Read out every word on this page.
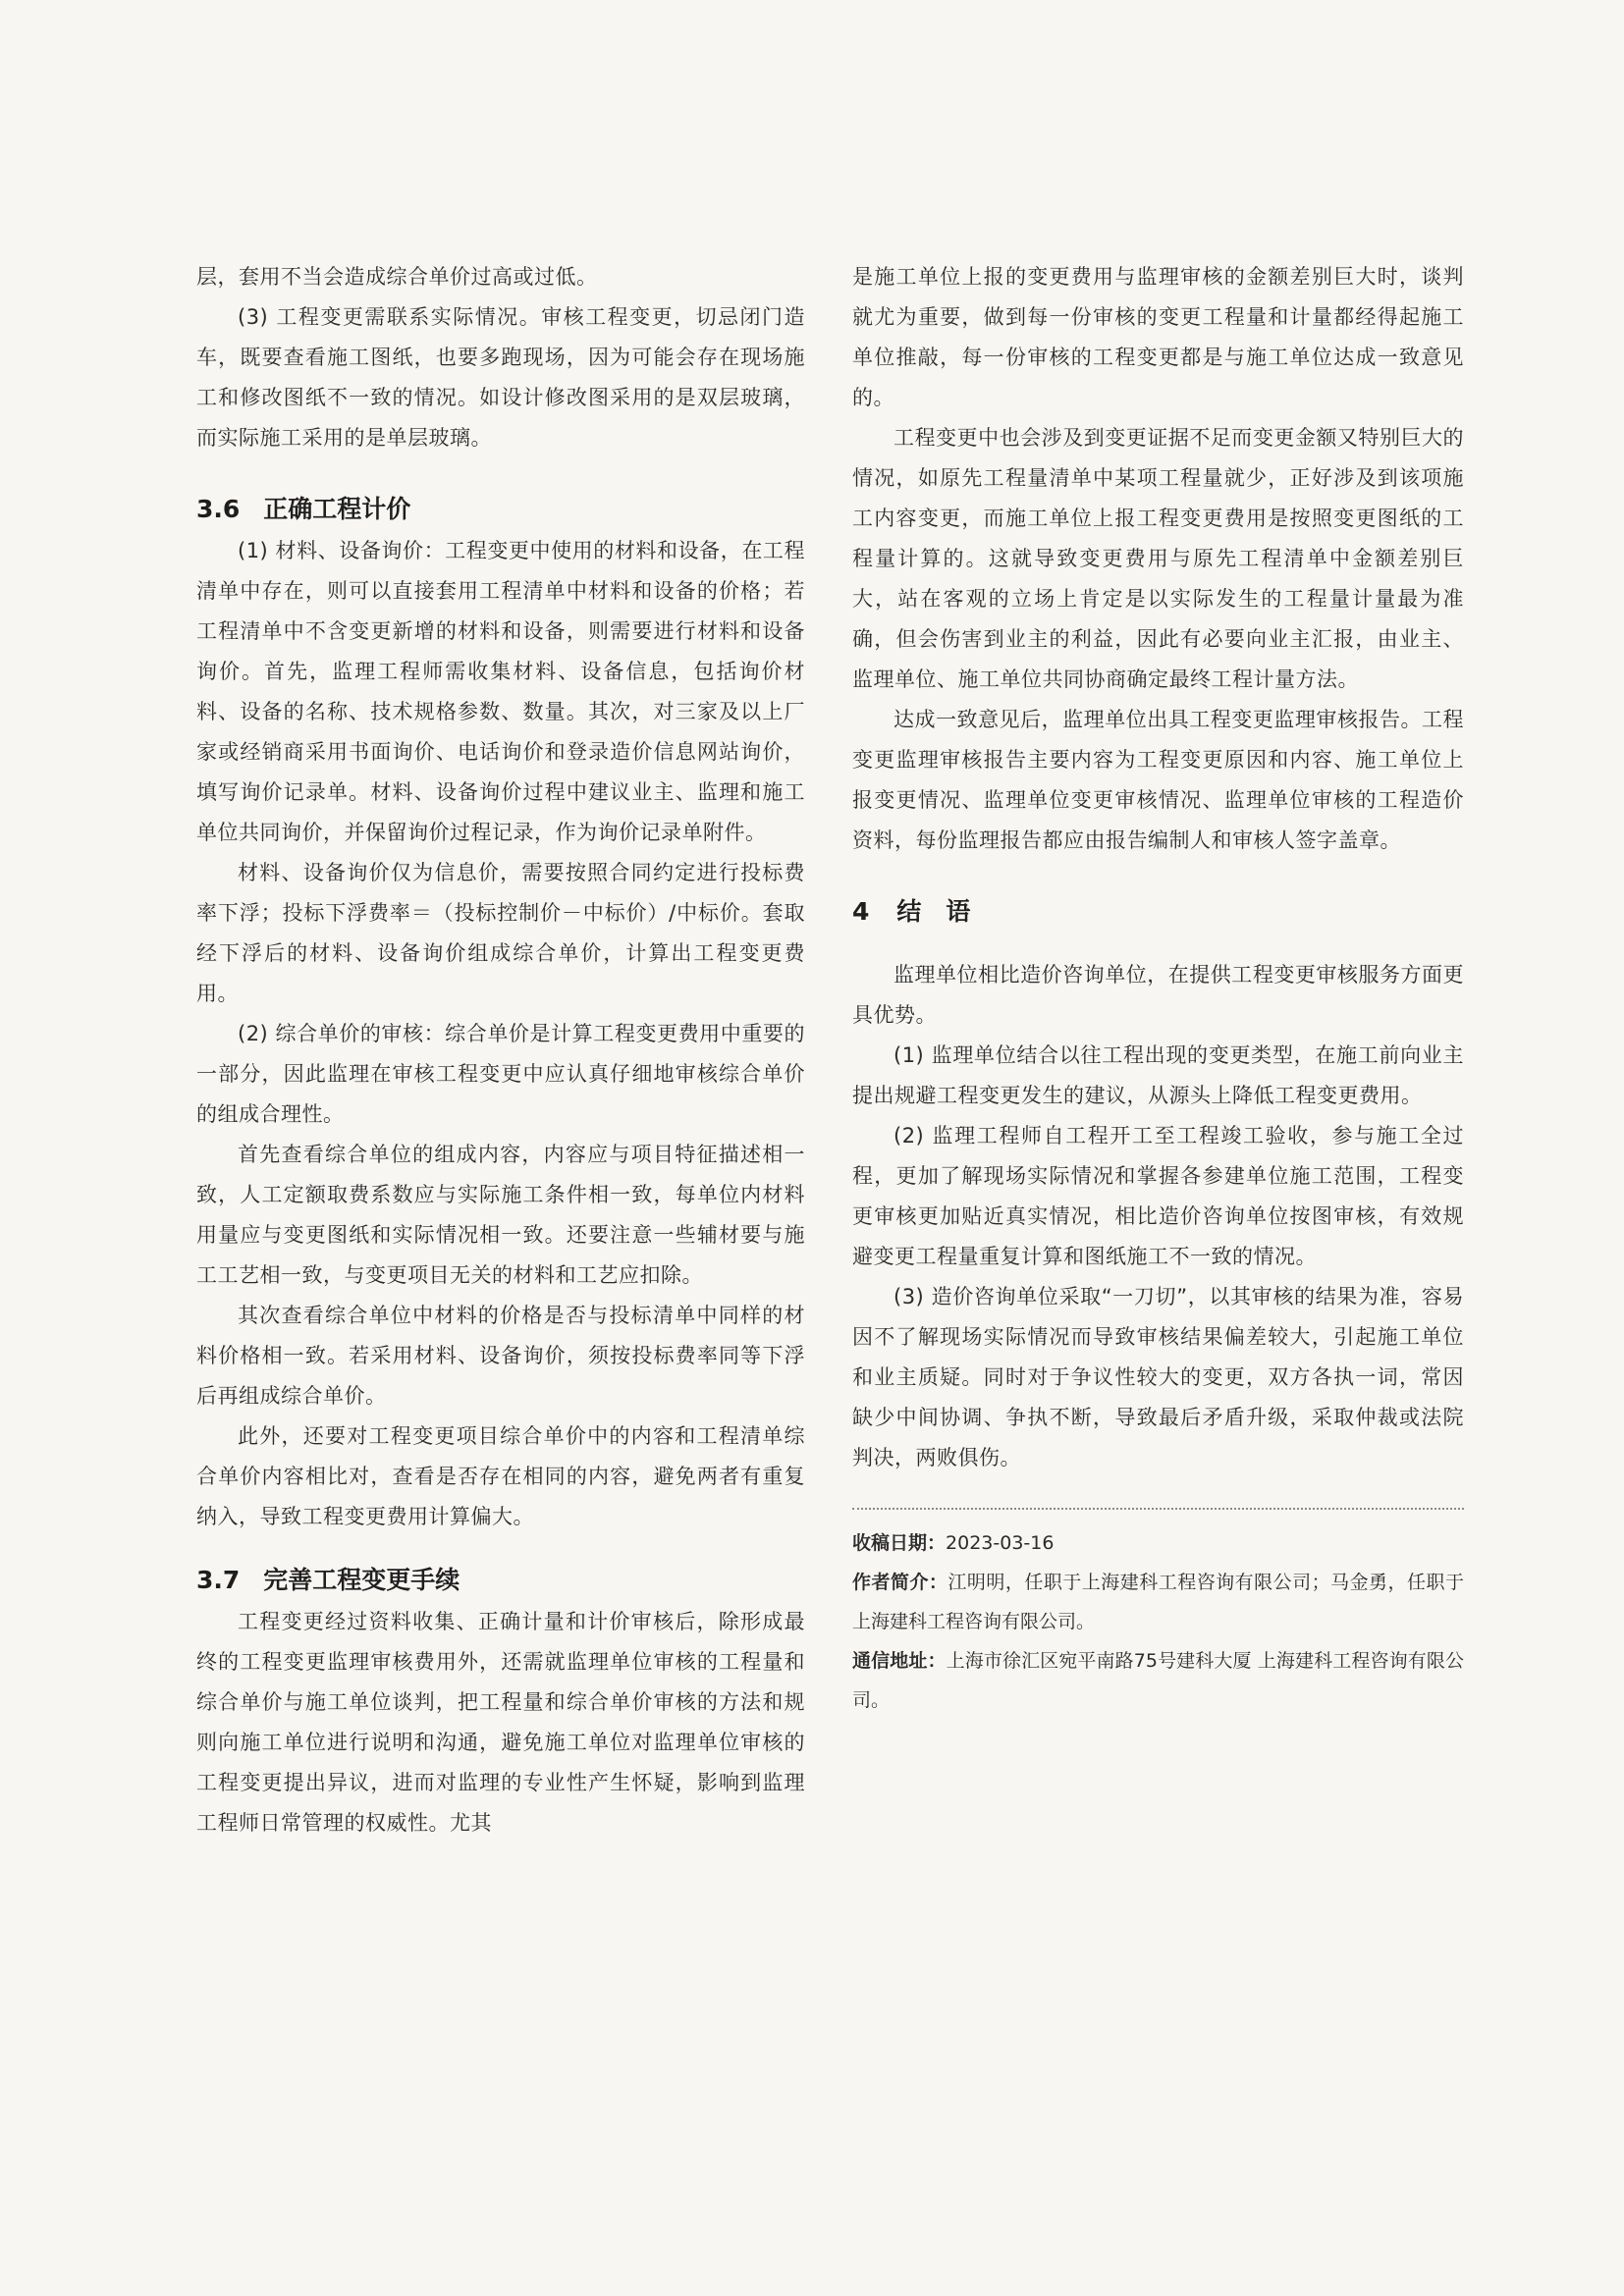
层，套用不当会造成综合单价过高或过低。

(3) 工程变更需联系实际情况。审核工程变更，切忌闭门造车，既要查看施工图纸，也要多跑现场，因为可能会存在现场施工和修改图纸不一致的情况。如设计修改图采用的是双层玻璃，而实际施工采用的是单层玻璃。

3.6 正确工程计价

(1) 材料、设备询价：工程变更中使用的材料和设备，在工程清单中存在，则可以直接套用工程清单中材料和设备的价格；若工程清单中不含变更新增的材料和设备，则需要进行材料和设备询价。首先，监理工程师需收集材料、设备信息，包括询价材料、设备的名称、技术规格参数、数量。其次，对三家及以上厂家或经销商采用书面询价、电话询价和登录造价信息网站询价，填写询价记录单。材料、设备询价过程中建议业主、监理和施工单位共同询价，并保留询价过程记录，作为询价记录单附件。

材料、设备询价仅为信息价，需要按照合同约定进行投标费率下浮；投标下浮费率＝（投标控制价－中标价）/中标价。套取经下浮后的材料、设备询价组成综合单价，计算出工程变更费用。

(2) 综合单价的审核：综合单价是计算工程变更费用中重要的一部分，因此监理在审核工程变更中应认真仔细地审核综合单价的组成合理性。

首先查看综合单位的组成内容，内容应与项目特征描述相一致，人工定额取费系数应与实际施工条件相一致，每单位内材料用量应与变更图纸和实际情况相一致。还要注意一些辅材要与施工工艺相一致，与变更项目无关的材料和工艺应扣除。

其次查看综合单位中材料的价格是否与投标清单中同样的材料价格相一致。若采用材料、设备询价，须按投标费率同等下浮后再组成综合单价。

此外，还要对工程变更项目综合单价中的内容和工程清单综合单价内容相比对，查看是否存在相同的内容，避免两者有重复纳入，导致工程变更费用计算偏大。

3.7 完善工程变更手续

工程变更经过资料收集、正确计量和计价审核后，除形成最终的工程变更监理审核费用外，还需就监理单位审核的工程量和综合单价与施工单位谈判，把工程量和综合单价审核的方法和规则向施工单位进行说明和沟通，避免施工单位对监理单位审核的工程变更提出异议，进而对监理的专业性产生怀疑，影响到监理工程师日常管理的权威性。尤其

是施工单位上报的变更费用与监理审核的金额差别巨大时，谈判就尤为重要，做到每一份审核的变更工程量和计量都经得起施工单位推敲，每一份审核的工程变更都是与施工单位达成一致意见的。

工程变更中也会涉及到变更证据不足而变更金额又特别巨大的情况，如原先工程量清单中某项工程量就少，正好涉及到该项施工内容变更，而施工单位上报工程变更费用是按照变更图纸的工程量计算的。这就导致变更费用与原先工程清单中金额差别巨大，站在客观的立场上肯定是以实际发生的工程量计量最为准确，但会伤害到业主的利益，因此有必要向业主汇报，由业主、监理单位、施工单位共同协商确定最终工程计量方法。

达成一致意见后，监理单位出具工程变更监理审核报告。工程变更监理审核报告主要内容为工程变更原因和内容、施工单位上报变更情况、监理单位变更审核情况、监理单位审核的工程造价资料，每份监理报告都应由报告编制人和审核人签字盖章。

4 结　语

监理单位相比造价咨询单位，在提供工程变更审核服务方面更具优势。

(1) 监理单位结合以往工程出现的变更类型，在施工前向业主提出规避工程变更发生的建议，从源头上降低工程变更费用。

(2) 监理工程师自工程开工至工程竣工验收，参与施工全过程，更加了解现场实际情况和掌握各参建单位施工范围，工程变更审核更加贴近真实情况，相比造价咨询单位按图审核，有效规避变更工程量重复计算和图纸施工不一致的情况。

(3) 造价咨询单位采取“一刀切”，以其审核的结果为准，容易因不了解现场实际情况而导致审核结果偏差较大，引起施工单位和业主质疑。同时对于争议性较大的变更，双方各执一词，常因缺少中间协调、争执不断，导致最后矛盾升级，采取仲裁或法院判决，两败俱伤。

收稿日期：2023-03-16

作者简介：江明明，任职于上海建科工程咨询有限公司；马金勇，任职于上海建科工程咨询有限公司。

通信地址：上海市徐汇区宛平南路75号建科大厦 上海建科工程咨询有限公司。
